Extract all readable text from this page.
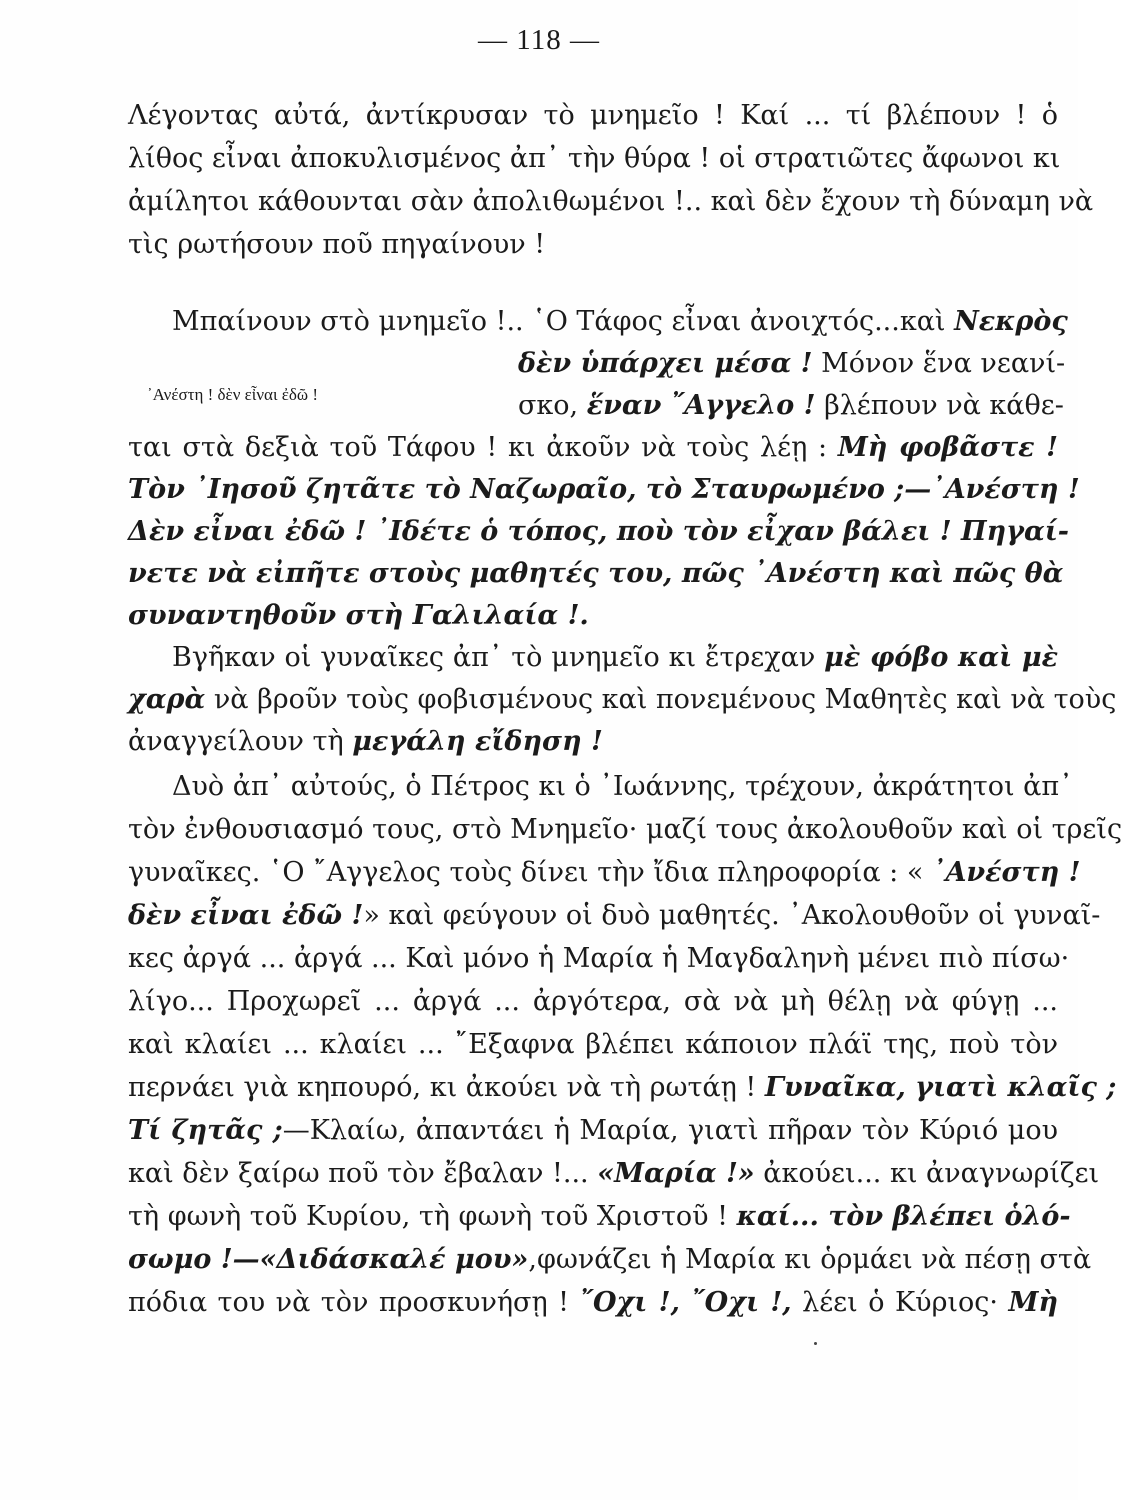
— 118 —
Λέγοντας αὐτά, ἀντίκρυσαν τὸ μνημεῖο ! Καί ... τί βλέπουν ! ὁ
λίθος εἶναι ἀποκυλισμένος ἀπ᾽ τὴν θύρα ! οἱ στρατιῶτες ἄφωνοι κι
ἀμίλητοι κάθουνται σὰν ἀπολιθωμένοι !.. καὶ δὲν ἔχουν τὴ δύναμη νὰ
τὶς ρωτήσουν ποῦ πηγαίνουν !
Μπαίνουν στὸ μνημεῖο !.. ῾Ο Τάφος εἶναι ἀνοιχτός...καὶ Νεκρὸς
δὲν ὑπάρχει μέσα ! Μόνον ἕνα νεανί-
᾽Ανέστη ! δὲν εἶναι ἐδῶ !	σκο, ἕναν ῎Αγγελο ! βλέπουν νὰ κάθε-
ται στὰ δεξιὰ τοῦ Τάφου ! κι ἀκοῦν νὰ τοὺς λέῃ : Μὴ φοβᾶστε !
Τὸν ᾽Ιησοῦ ζητᾶτε τὸ Ναζωραῖο, τὸ Σταυρωμένο ;—᾽Ανέστη !
Δὲν εἶναι ἐδῶ ! ᾽Ιδέτε ὁ τόπος, ποὺ τὸν εἶχαν βάλει ! Πηγαί-
νετε νὰ εἰπῆτε στοὺς μαθητές του, πῶς ᾽Ανέστη καὶ πῶς θὰ
συναντηθοῦν στὴ Γαλιλαία !.
Βγῆκαν οἱ γυναῖκες ἀπ᾽ τὸ μνημεῖο κι ἔτρεχαν μὲ φόβο καὶ μὲ
χαρὰ νὰ βροῦν τοὺς φοβισμένους καὶ πονεμένους Μαθητὲς καὶ νὰ τοὺς
ἀναγγείλουν τὴ μεγάλη εἴδηση !
Δυὸ ἀπ᾽ αὐτούς, ὁ Πέτρος κι ὁ ᾽Ιωάννης, τρέχουν, ἀκράτητοι ἀπ᾽
τὸν ἐνθουσιασμό τους, στὸ Μνημεῖο· μαζί τους ἀκολουθοῦν καὶ οἱ τρεῖς
γυναῖκες. ῾Ο ῎Αγγελος τοὺς δίνει τὴν ἴδια πληροφορία : « ᾽Ανέστη !
δὲν εἶναι ἐδῶ !» καὶ φεύγουν οἱ δυὸ μαθητές. ᾽Ακολουθοῦν οἱ γυναῖ-
κες ἀργά ... ἀργά ... Καὶ μόνο ἡ Μαρία ἡ Μαγδαληνὴ μένει πιὸ πίσω·
λίγο... Προχωρεῖ ... ἀργά ... ἀργότερα, σὰ νὰ μὴ θέλῃ νὰ φύγῃ ...
καὶ κλαίει ... κλαίει ... ῎Εξαφνα βλέπει κάποιον πλάϊ της, ποὺ τὸν
περνάει γιὰ κηπουρό, κι ἀκούει νὰ τὴ ρωτάῃ ! Γυναῖκα, γιατὶ κλαῖς ;
Τί ζητᾶς ;—Κλαίω, ἀπαντάει ἡ Μαρία, γιατὶ πῆραν τὸν Κύριό μου
καὶ δὲν ξαίρω ποῦ τὸν ἔβαλαν !... «Μαρία !» ἀκούει... κι ἀναγνωρίζει
τὴ φωνὴ τοῦ Κυρίου, τὴ φωνὴ τοῦ Χριστοῦ ! καί... τὸν βλέπει ὁλό-
σωμο !—«Διδάσκαλέ μου»,φωνάζει ἡ Μαρία κι ὁρμάει νὰ πέσῃ στὰ
πόδια του νὰ τὸν προσκυνήσῃ ! ῎Οχι !, ῎Οχι !, λέει ὁ Κύριος· Μὴ
